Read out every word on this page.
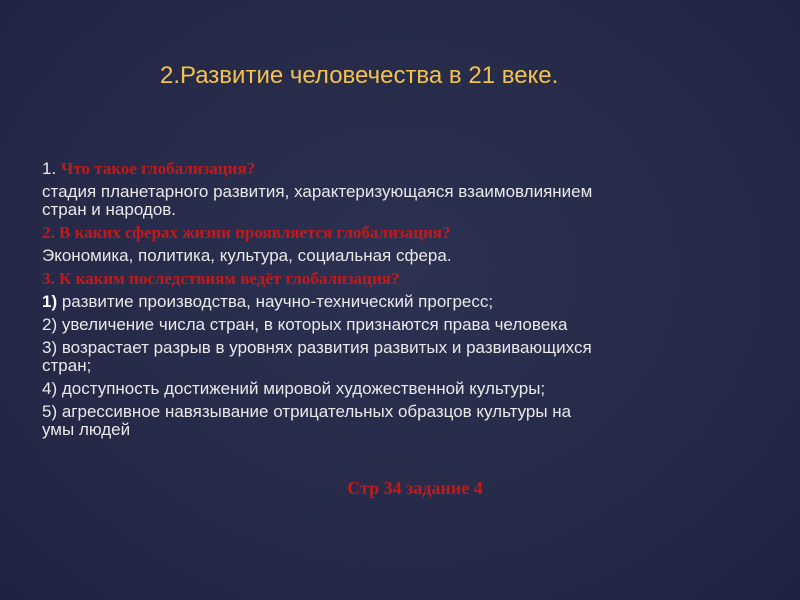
2.Развитие человечества в 21 веке.
1. Что такое глобализация?
стадия планетарного развития, характеризующаяся взаимовлиянием
стран и народов.
2. В каких сферах жизни проявляется глобализация?
Экономика, политика, культура, социальная сфера.
3. К каким последствиям ведёт глобализация?
1) развитие производства, научно-технический прогресс;
2) увеличение числа стран, в которых признаются права человека
3) возрастает разрыв в уровнях развития развитых и развивающихся
стран;
4) доступность достижений мировой художественной культуры;
5) агрессивное навязывание отрицательных образцов культуры на
умы людей
Стр 34 задание 4
